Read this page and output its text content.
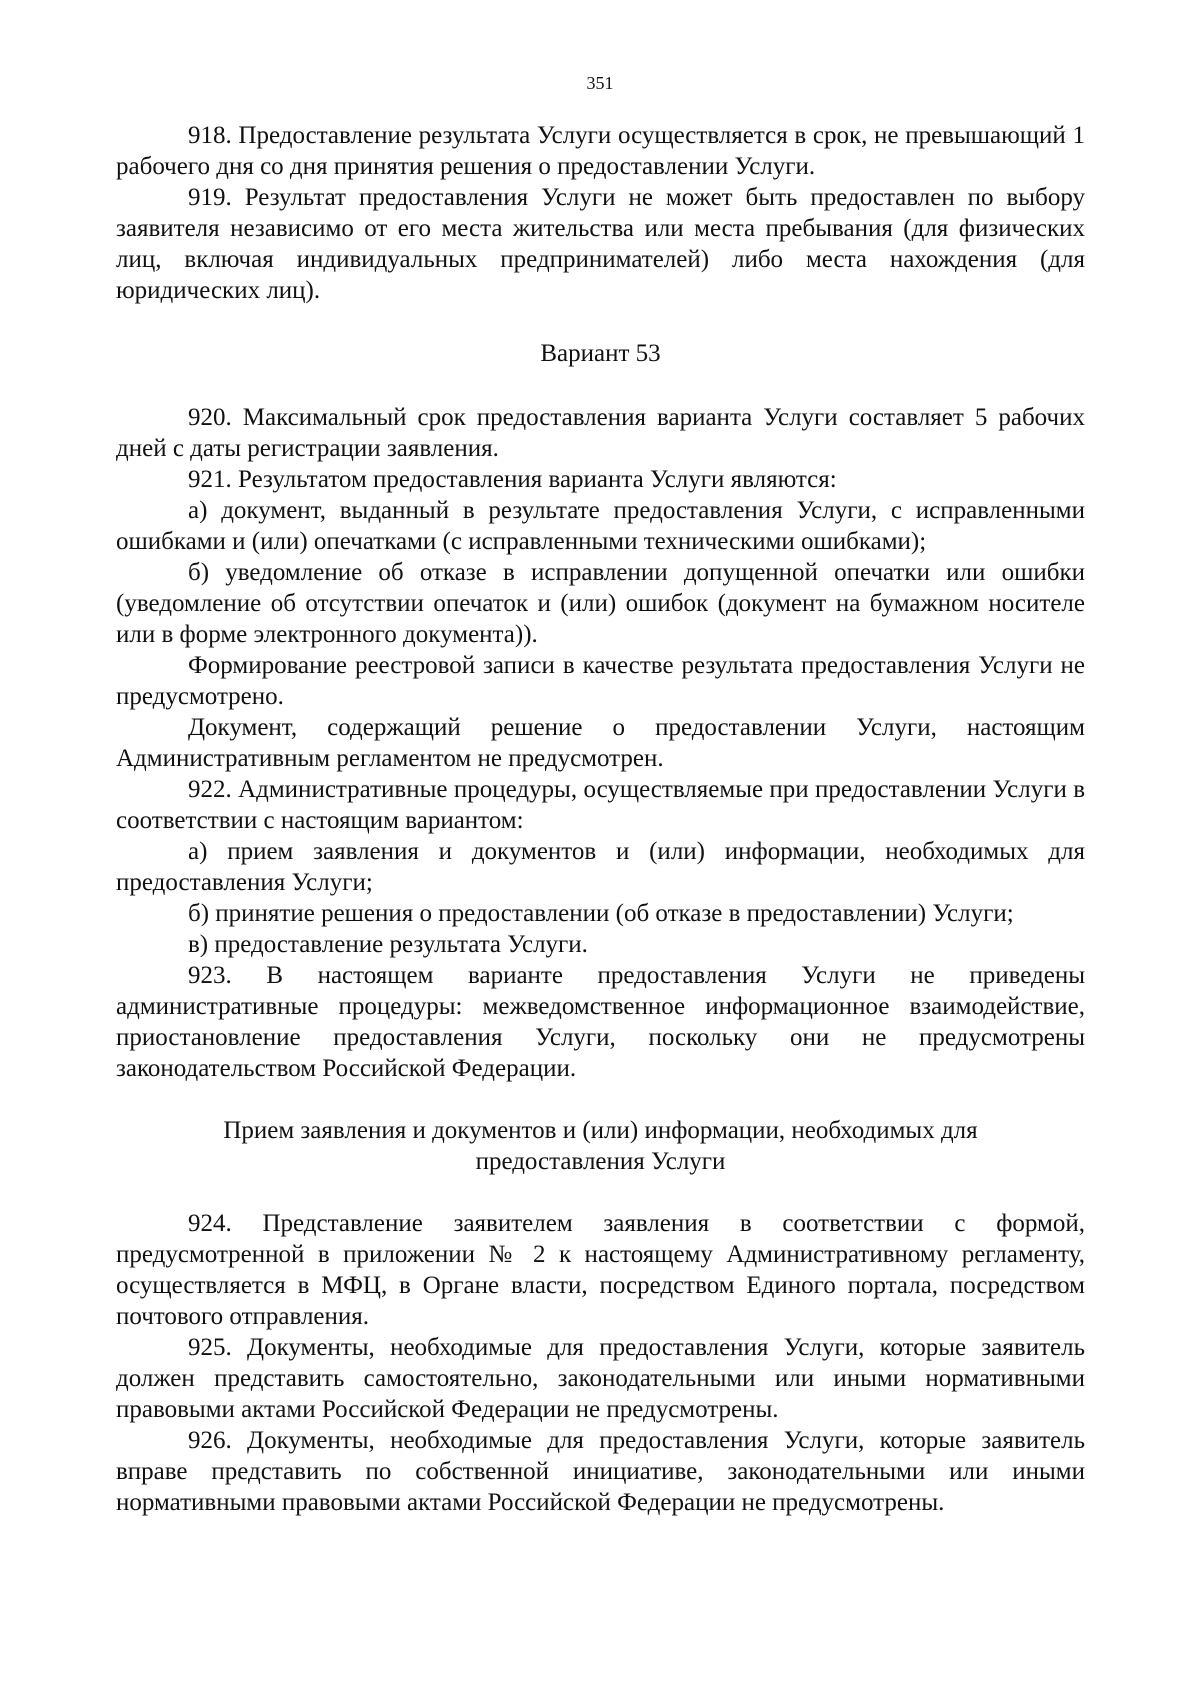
351

918. Предоставление результата Услуги осуществляется в срок, не превышающий 1 рабочего дня со дня принятия решения о предоставлении Услуги.

919. Результат предоставления Услуги не может быть предоставлен по выбору заявителя независимо от его места жительства или места пребывания (для физических лиц, включая индивидуальных предпринимателей) либо места нахождения (для юридических лиц).

Вариант 53

920. Максимальный срок предоставления варианта Услуги составляет 5 рабочих дней с даты регистрации заявления.

921. Результатом предоставления варианта Услуги являются:

а) документ, выданный в результате предоставления Услуги, с исправленными ошибками и (или) опечатками (с исправленными техническими ошибками);

б) уведомление об отказе в исправлении допущенной опечатки или ошибки (уведомление об отсутствии опечаток и (или) ошибок (документ на бумажном носителе или в форме электронного документа)).

Формирование реестровой записи в качестве результата предоставления Услуги не предусмотрено.

Документ, содержащий решение о предоставлении Услуги, настоящим Административным регламентом не предусмотрен.

922. Административные процедуры, осуществляемые при предоставлении Услуги в соответствии с настоящим вариантом:

а) прием заявления и документов и (или) информации, необходимых для предоставления Услуги;

б) принятие решения о предоставлении (об отказе в предоставлении) Услуги;

в) предоставление результата Услуги.

923. В настоящем варианте предоставления Услуги не приведены административные процедуры: межведомственное информационное взаимодействие, приостановление предоставления Услуги, поскольку они не предусмотрены законодательством Российской Федерации.

Прием заявления и документов и (или) информации, необходимых для
предоставления Услуги

924. Представление заявителем заявления в соответствии с формой, предусмотренной в приложении № 2 к настоящему Административному регламенту, осуществляется в МФЦ, в Органе власти, посредством Единого портала, посредством почтового отправления.

925. Документы, необходимые для предоставления Услуги, которые заявитель должен представить самостоятельно, законодательными или иными нормативными правовыми актами Российской Федерации не предусмотрены.

926. Документы, необходимые для предоставления Услуги, которые заявитель вправе представить по собственной инициативе, законодательными или иными нормативными правовыми актами Российской Федерации не предусмотрены.
